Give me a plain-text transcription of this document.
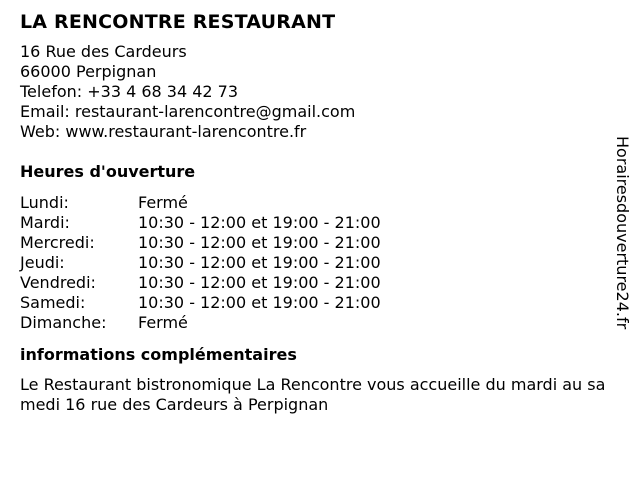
LA RENCONTRE RESTAURANT
16 Rue des Cardeurs
66000 Perpignan
Telefon: +33 4 68 34 42 73
Email: restaurant-larencontre@gmail.com
Web: www.restaurant-larencontre.fr
Heures d'ouverture
Lundi:	Fermé
Mardi:	10:30 - 12:00 et 19:00 - 21:00
Mercredi:	10:30 - 12:00 et 19:00 - 21:00
Jeudi:	10:30 - 12:00 et 19:00 - 21:00
Vendredi:	10:30 - 12:00 et 19:00 - 21:00
Samedi:	10:30 - 12:00 et 19:00 - 21:00
Dimanche:	Fermé
informations complémentaires
Le Restaurant bistronomique La Rencontre vous accueille du mardi au samedi 16 rue des Cardeurs à Perpignan
Horairesdouverture24.fr
